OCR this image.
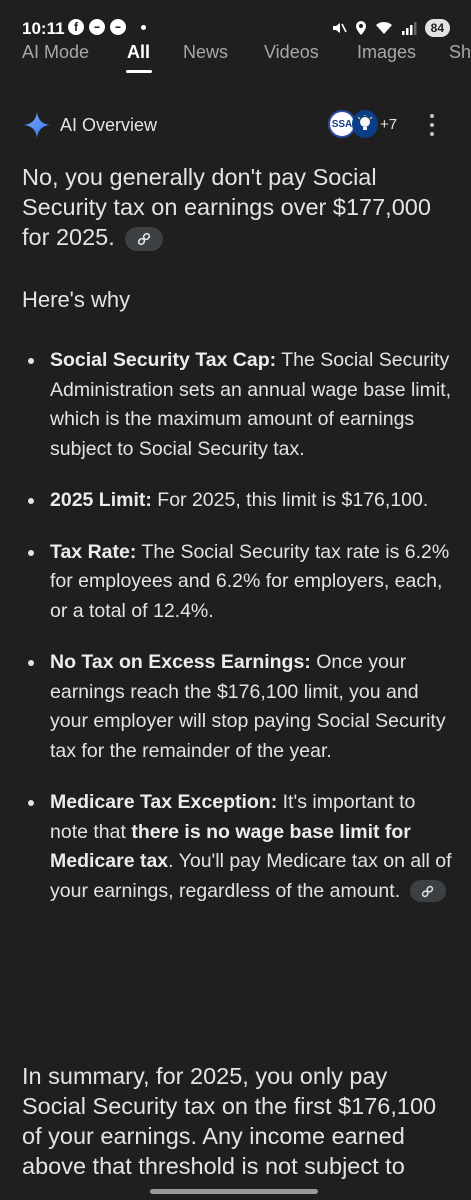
10:11 f	▬	▬	84
AI Mode All News Videos Images Sh
AI Overview	SSA +7
No, you generally don't pay Social Security tax on earnings over $177,000 for 2025.
Here's why
Social Security Tax Cap: The Social Security Administration sets an annual wage base limit, which is the maximum amount of earnings subject to Social Security tax.
2025 Limit: For 2025, this limit is $176,100.
Tax Rate: The Social Security tax rate is 6.2% for employees and 6.2% for employers, each, or a total of 12.4%.
No Tax on Excess Earnings: Once your earnings reach the $176,100 limit, you and your employer will stop paying Social Security tax for the remainder of the year.
Medicare Tax Exception: It's important to note that there is no wage base limit for Medicare tax. You'll pay Medicare tax on all of your earnings, regardless of the amount.
In summary, for 2025, you only pay Social Security tax on the first $176,100 of your earnings. Any income earned above that threshold is not subject to
